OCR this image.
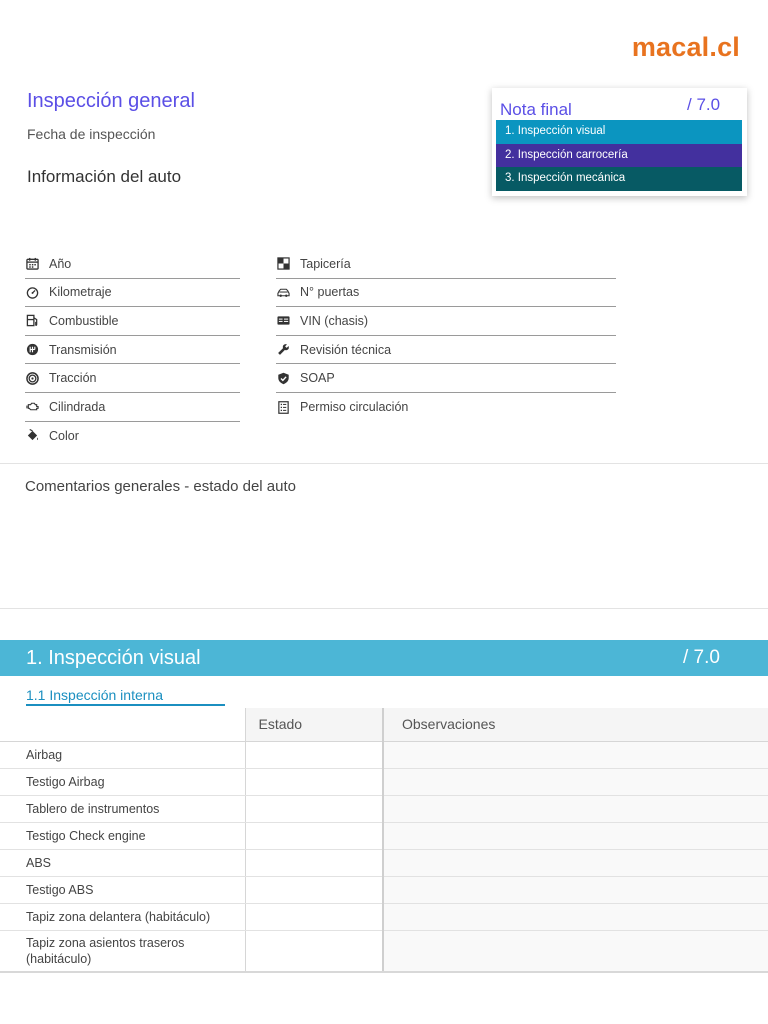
macal.cl
Inspección general
Fecha de inspección
Información del auto
Nota final	/ 7.0
1. Inspección visual
2. Inspección carrocería
3. Inspección mecánica
Año
Kilometraje
Combustible
Transmisión
Tracción
Cilindrada
Color
Tapicería
N° puertas
VIN (chasis)
Revisión técnica
SOAP
Permiso circulación
Comentarios generales - estado del auto
1. Inspección visual	/ 7.0
1.1 Inspección interna
	Estado	Observaciones
Airbag		
Testigo Airbag		
Tablero de instrumentos		
Testigo Check engine		
ABS		
Testigo ABS		
Tapiz zona delantera (habitáculo)		
Tapiz zona asientos traseros (habitáculo)		
